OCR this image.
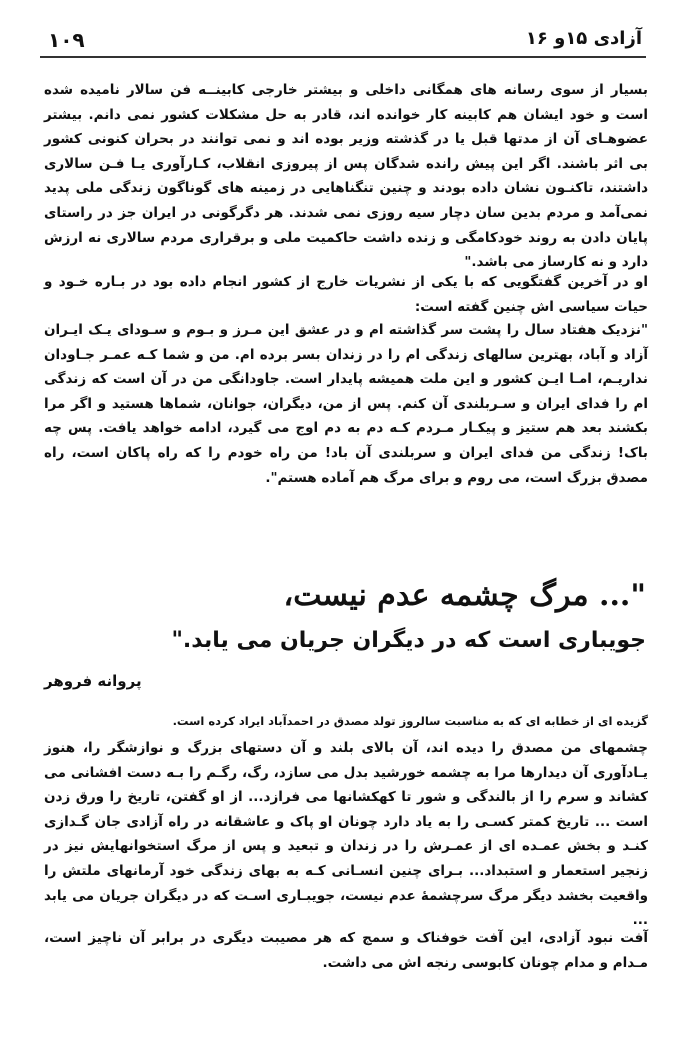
١٠٩	آزادی ۱۵و ۱۶

بسیار از سوی رسانه های همگانی داخلی و بیشتر خارجی کابینــه فن سالار نامیده شده است و خود ایشان هم کابینه کار خوانده اند، قادر به حل مشکلات کشور نمی دانم. بیشتر عضوهـای آن از مدتها قبل یا در گذشته وزیر بوده اند و نمی توانند در بحران کنونی کشور بی اثر باشند. اگر این پیش رانده شدگان پس از پیروزی انقلاب، کـارآوری یـا فـن سالاری داشتند، تاکنـون نشان داده بودند و چنین تنگناهایی در زمینه های گوناگون زندگی ملی پدید نمی‌آمد و مردم بدین سان دچار سیه روزی نمی شدند. هر دگرگونی در ایران جز در راستای پایان دادن به روند خودکامگی و زنده داشت حاکمیت ملی و برقراری مردم سالاری نه ارزش دارد و نه کارساز می باشد."

او در آخرین گفتگویی که با یکی از نشریات خارج از کشور انجام داده بود در بـاره خـود و حیات سیاسی اش چنین گفته است:

"نزدیک هفتاد سال را پشت سر گذاشته ام و در عشق این مـرز و بـوم و سـودای یـک ایـران آزاد و آباد، بهترین سالهای زندگی ام را در زندان بسر برده ام. من و شما کـه عمـر جـاودان نداریـم، امـا ایـن کشور و این ملت همیشه پایدار است. جاودانگی من در آن است که زندگی ام را فدای ایران و سـربلندی آن کنم. پس از من، دیگران، جوانان، شماها هستید و اگر مرا بکشند بعد هم ستیز و پیکـار مـردم کـه دم به دم اوج می گیرد، ادامه خواهد یافت. پس چه باک! زندگی من فدای ایران و سربلندی آن باد! من راه خودم را که راه پاکان است، راه مصدق بزرگ است، می روم و برای مرگ هم آماده هستم".

"... مرگ چشمه عدم نیست،
جویباری است که در دیگران جریان می یابد."
پروانه فروهر

گزیده ای از خطابه ای که به مناسبت سالروز تولد مصدق در احمدآباد ایراد کرده است.

چشمهای من مصدق را دیده اند، آن بالای بلند و آن دستهای بزرگ و نوازشگر را، هنوز یـادآوری آن دیدارها مرا به چشمه خورشید بدل می سازد، رگ، رگـم را بـه دست افشانی می کشاند و سرم را از بالندگی و شور تا کهکشانها می فرازد... از او گفتن، تاریخ را ورق زدن است ... تاریخ کمتر کسـی را به یاد دارد چونان او پاک و عاشقانه در راه آزادی جان گـدازی کنـد و بخش عمـده ای از عمـرش را در زندان و تبعید و پس از مرگ استخوانهایش نیز در زنجیر استعمار و استبداد... بـرای چنین انسـانی کـه به بهای زندگی خود آرمانهای ملتش را واقعیت بخشد دیگر مرگ سرچشمهٔ عدم نیست، جویبـاری اسـت که در دیگران جریان می یابد ...

آفت نبود آزادی، این آفت خوفناک و سمج که هر مصیبت دیگری در برابر آن ناچیز است، مـدام و مدام چونان کابوسی رنجه اش می داشت.
